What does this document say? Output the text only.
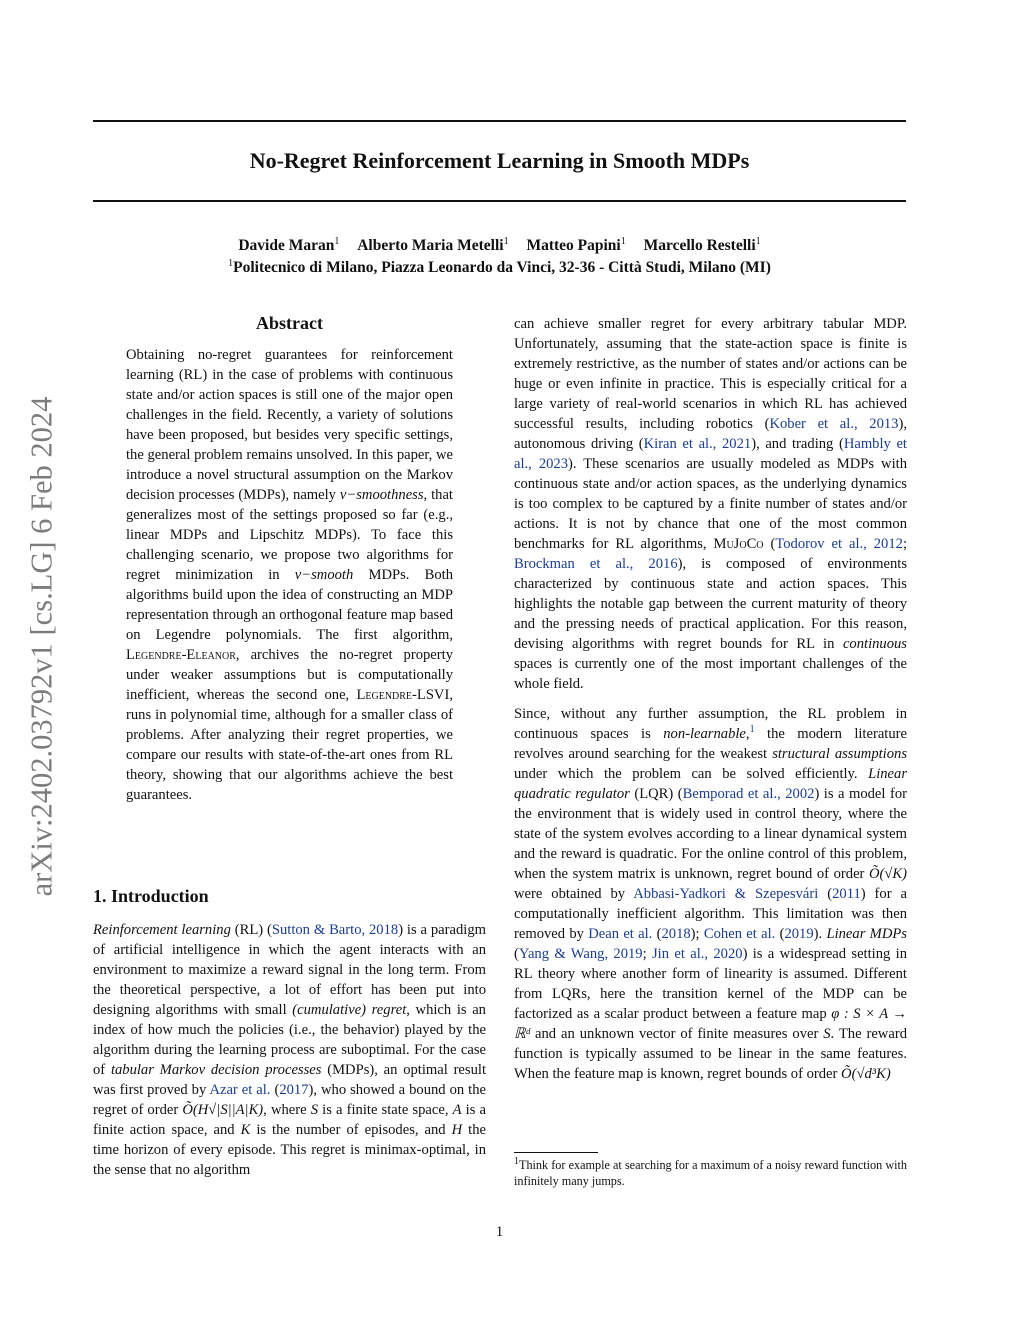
arXiv:2402.03792v1 [cs.LG] 6 Feb 2024
No-Regret Reinforcement Learning in Smooth MDPs
Davide Maran$^1$ Alberto Maria Metelli$^1$ Matteo Papini$^1$ Marcello Restelli$^1$
$^1$Politecnico di Milano, Piazza Leonardo da Vinci, 32-36 - Città Studi, Milano (MI)
Abstract

Obtaining no-regret guarantees for reinforcement learning (RL) in the case of problems with continuous state and/or action spaces is still one of the major open challenges in the field. Recently, a variety of solutions have been proposed, but besides very specific settings, the general problem remains unsolved. In this paper, we introduce a novel structural assumption on the Markov decision processes (MDPs), namely ν−smoothness, that generalizes most of the settings proposed so far (e.g., linear MDPs and Lipschitz MDPs). To face this challenging scenario, we propose two algorithms for regret minimization in ν−smooth MDPs. Both algorithms build upon the idea of constructing an MDP representation through an orthogonal feature map based on Legendre polynomials. The first algorithm, Legendre-Eleanor, archives the no-regret property under weaker assumptions but is computationally inefficient, whereas the second one, Legendre-LSVI, runs in polynomial time, although for a smaller class of problems. After analyzing their regret properties, we compare our results with state-of-the-art ones from RL theory, showing that our algorithms achieve the best guarantees.

1. Introduction

Reinforcement learning (RL) (Sutton & Barto, 2018) is a paradigm of artificial intelligence in which the agent interacts with an environment to maximize a reward signal in the long term. From the theoretical perspective, a lot of effort has been put into designing algorithms with small (cumulative) regret, which is an index of how much the policies (i.e., the behavior) played by the algorithm during the learning process are suboptimal. For the case of tabular Markov decision processes (MDPs), an optimal result was first proved by Azar et al. (2017), who showed a bound on the regret of order Õ(H√|S||A|K), where S is a finite state space, A is a finite action space, and K is the number of episodes, and H the time horizon of every episode. This regret is minimax-optimal, in the sense that no algorithm

can achieve smaller regret for every arbitrary tabular MDP. Unfortunately, assuming that the state-action space is finite is extremely restrictive, as the number of states and/or actions can be huge or even infinite in practice. This is especially critical for a large variety of real-world scenarios in which RL has achieved successful results, including robotics (Kober et al., 2013), autonomous driving (Kiran et al., 2021), and trading (Hambly et al., 2023). These scenarios are usually modeled as MDPs with continuous state and/or action spaces, as the underlying dynamics is too complex to be captured by a finite number of states and/or actions. It is not by chance that one of the most common benchmarks for RL algorithms, MuJoCo (Todorov et al., 2012; Brockman et al., 2016), is composed of environments characterized by continuous state and action spaces. This highlights the notable gap between the current maturity of theory and the pressing needs of practical application. For this reason, devising algorithms with regret bounds for RL in continuous spaces is currently one of the most important challenges of the whole field.

Since, without any further assumption, the RL problem in continuous spaces is non-learnable,$^1$ the modern literature revolves around searching for the weakest structural assumptions under which the problem can be solved efficiently. Linear quadratic regulator (LQR) (Bemporad et al., 2002) is a model for the environment that is widely used in control theory, where the state of the system evolves according to a linear dynamical system and the reward is quadratic. For the online control of this problem, when the system matrix is unknown, regret bound of order Õ(√K) were obtained by Abbasi-Yadkori & Szepesvári (2011) for a computationally inefficient algorithm. This limitation was then removed by Dean et al. (2018); Cohen et al. (2019). Linear MDPs (Yang & Wang, 2019; Jin et al., 2020) is a widespread setting in RL theory where another form of linearity is assumed. Different from LQRs, here the transition kernel of the MDP can be factorized as a scalar product between a feature map φ : S × A → ℝᵈ and an unknown vector of finite measures over S. The reward function is typically assumed to be linear in the same features. When the feature map is known, regret bounds of order Õ(√d³K)

$^1$Think for example at searching for a maximum of a noisy reward function with infinitely many jumps.

1
